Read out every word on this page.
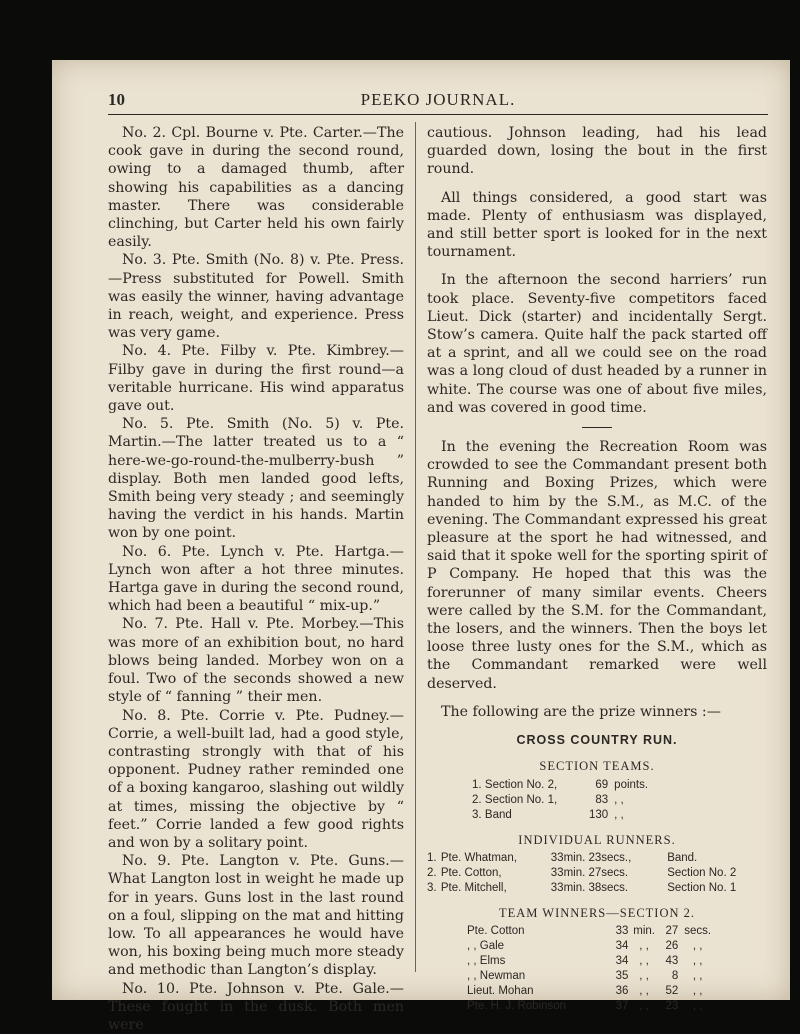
10	PEEKO JOURNAL.

No. 2. Cpl. Bourne v. Pte. Carter.—The cook gave in during the second round, owing to a damaged thumb, after showing his capabilities as a dancing master. There was considerable clinching, but Carter held his own fairly easily.

No. 3. Pte. Smith (No. 8) v. Pte. Press.—Press substituted for Powell. Smith was easily the winner, having advantage in reach, weight, and experience. Press was very game.

No. 4. Pte. Filby v. Pte. Kimbrey.—Filby gave in during the first round—a veritable hurricane. His wind apparatus gave out.

No. 5. Pte. Smith (No. 5) v. Pte. Martin.—The latter treated us to a “ here-we-go-round-the-mulberry-bush ” display. Both men landed good lefts, Smith being very steady ; and seemingly having the verdict in his hands. Martin won by one point.

No. 6. Pte. Lynch v. Pte. Hartga.—Lynch won after a hot three minutes. Hartga gave in during the second round, which had been a beautiful “ mix-up.”

No. 7. Pte. Hall v. Pte. Morbey.—This was more of an exhibition bout, no hard blows being landed. Morbey won on a foul. Two of the seconds showed a new style of “ fanning ” their men.

No. 8. Pte. Corrie v. Pte. Pudney.—Corrie, a well-built lad, had a good style, contrasting strongly with that of his opponent. Pudney rather reminded one of a boxing kangaroo, slashing out wildly at times, missing the objective by “ feet.” Corrie landed a few good rights and won by a solitary point.

No. 9. Pte. Langton v. Pte. Guns.—What Langton lost in weight he made up for in years. Guns lost in the last round on a foul, slipping on the mat and hitting low. To all appearances he would have won, his boxing being much more steady and methodic than Langton’s display.

No. 10. Pte. Johnson v. Pte. Gale.—These fought in the dusk. Both men were

cautious. Johnson leading, had his lead guarded down, losing the bout in the first round.

All things considered, a good start was made. Plenty of enthusiasm was displayed, and still better sport is looked for in the next tournament.

In the afternoon the second harriers’ run took place. Seventy-five competitors faced Lieut. Dick (starter) and incidentally Sergt. Stow’s camera. Quite half the pack started off at a sprint, and all we could see on the road was a long cloud of dust headed by a runner in white. The course was one of about five miles, and was covered in good time.

In the evening the Recreation Room was crowded to see the Commandant present both Running and Boxing Prizes, which were handed to him by the S.M., as M.C. of the evening. The Commandant expressed his great pleasure at the sport he had witnessed, and said that it spoke well for the sporting spirit of P Company. He hoped that this was the forerunner of many similar events. Cheers were called by the S.M. for the Commandant, the losers, and the winners. Then the boys let loose three lusty ones for the S.M., which as the Commandant remarked were well deserved.

The following are the prize winners :—

CROSS COUNTRY RUN.
SECTION TEAMS.
1.	Section No. 2,	69	points.
2.	Section No. 1,	83	, ,
3.	Band	130	, ,
INDIVIDUAL RUNNERS.
1.	Pte. Whatman,	33min. 23secs.,	Band.
2.	Pte. Cotton,	33min. 27secs.	Section No. 2
3.	Pte. Mitchell,	33min. 38secs.	Section No. 1
TEAM WINNERS—SECTION 2.
Pte. Cotton	33	min.	27	secs.
, , Gale	34	, ,	26	, ,
, , Elms	34	, ,	43	, ,
, , Newman	35	, ,	8	, ,
Lieut. Mohan	36	, ,	52	, ,
Pte. H. J. Robinson	37	, ,	23	, ,
